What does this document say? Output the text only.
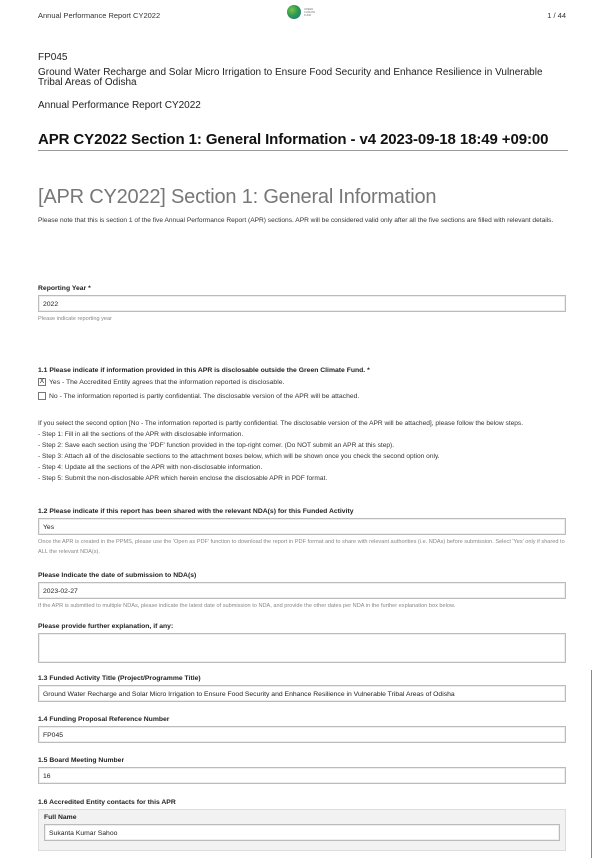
Annual Performance Report CY2022
GREEN CLIMATE FUND	1 / 44
FP045
Ground Water Recharge and Solar Micro Irrigation to Ensure Food Security and Enhance Resilience in Vulnerable Tribal Areas of Odisha
Annual Performance Report CY2022
APR CY2022 Section 1: General Information - v4 2023-09-18 18:49 +09:00
[APR CY2022] Section 1: General Information
Please note that this is section 1 of the five Annual Performance Report (APR) sections. APR will be considered valid only after all the five sections are filled with relevant details.
Reporting Year *
2022
Please indicate reporting year
1.1 Please indicate if information provided in this APR is disclosable outside the Green Climate Fund. *
X Yes - The Accredited Entity agrees that the information reported is disclosable.
No - The information reported is partly confidential. The disclosable version of the APR will be attached.
If you select the second option [No - The information reported is partly confidential. The disclosable version of the APR will be attached], please follow the below steps.
- Step 1: Fill in all the sections of the APR with disclosable information.
- Step 2: Save each section using the 'PDF' function provided in the top-right corner. (Do NOT submit an APR at this step).
- Step 3: Attach all of the disclosable sections to the attachment boxes below, which will be shown once you check the second option only.
- Step 4: Update all the sections of the APR with non-disclosable information.
- Step 5: Submit the non-disclosable APR which herein enclose the disclosable APR in PDF format.
1.2 Please indicate if this report has been shared with the relevant NDA(s) for this Funded Activity
Yes
Once the APR is created in the PPMS, please use the 'Open as PDF' function to download the report in PDF format and to share with relevant authorities (i.e. NDAs) before submission. Select 'Yes' only if shared to ALL the relevant NDA(s).
Please Indicate the date of submission to NDA(s)
2023-02-27
If the APR is submitted to multiple NDAs, please indicate the latest date of submission to NDA, and provide the other dates per NDA in the further explanation box below.
Please provide further explanation, if any:
1.3 Funded Activity Title (Project/Programme Title)
Ground Water Recharge and Solar Micro Irrigation to Ensure Food Security and Enhance Resilience in Vulnerable Tribal Areas of Odisha
1.4 Funding Proposal Reference Number
FP045
1.5 Board Meeting Number
16
1.6 Accredited Entity contacts for this APR
Full Name
Sukanta Kumar Sahoo
